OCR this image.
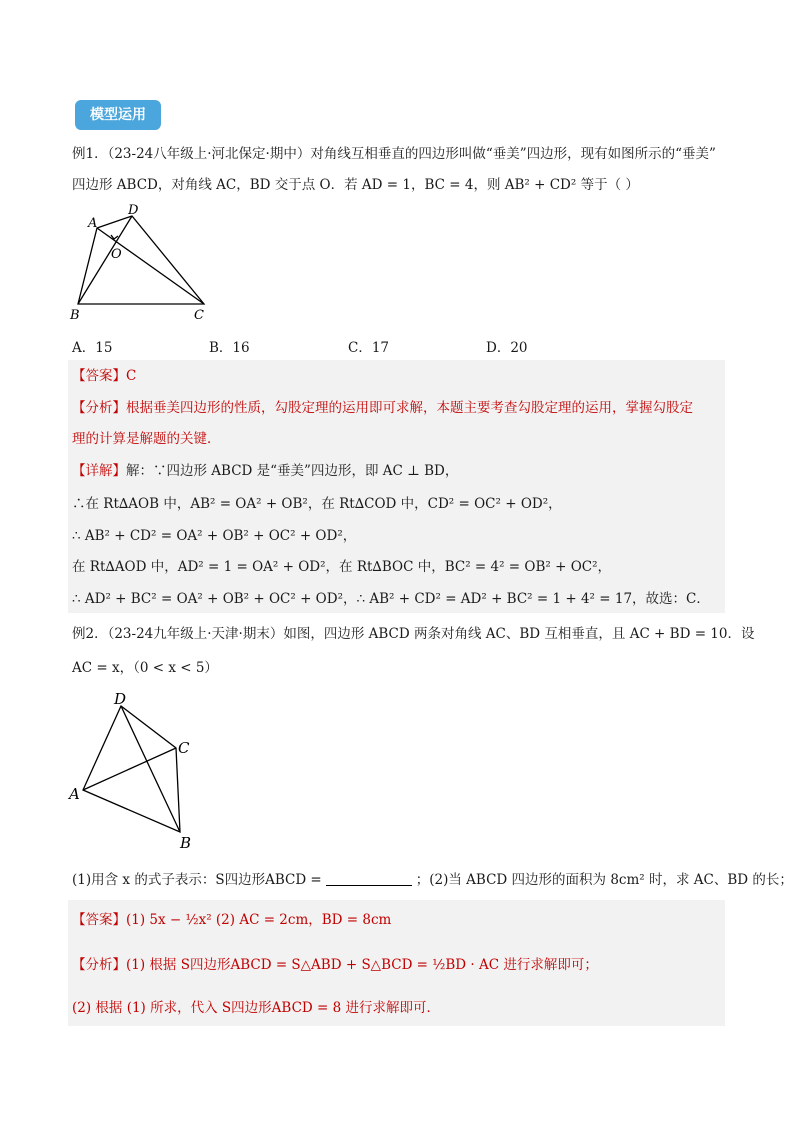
模型运用
例1．（23-24八年级上·河北保定·期中）对角线互相垂直的四边形叫做“垂美”四边形，现有如图所示的“垂美”
四边形 ABCD，对角线 AC，BD 交于点 O．若 AD = 1，BC = 4，则 AB² + CD² 等于（ ）
A
D
O
B	C
A．15	B．16	C．17	D．20
【答案】C
【分析】根据垂美四边形的性质，勾股定理的运用即可求解，本题主要考查勾股定理的运用，掌握勾股定
理的计算是解题的关键．
【详解】解：∵四边形 ABCD 是“垂美”四边形，即 AC ⊥ BD，
∴在 Rt∆AOB 中，AB² = OA² + OB²，在 Rt∆COD 中，CD² = OC² + OD²，
∴ AB² + CD² = OA² + OB² + OC² + OD²，
在 Rt∆AOD 中，AD² = 1 = OA² + OD²，在 Rt∆BOC 中，BC² = 4² = OB² + OC²，
∴ AD² + BC² = OA² + OB² + OC² + OD²，∴ AB² + CD² = AD² + BC² = 1 + 4² = 17，故选：C．
例2．（23-24九年级上·天津·期末）如图，四边形 ABCD 两条对角线 AC、BD 互相垂直，且 AC + BD = 10．设
AC = x，（0 < x < 5）
D
C
A
B
(1)用含 x 的式子表示：S四边形ABCD =	；(2)当 ABCD 四边形的面积为 8cm² 时，求 AC、BD 的长；
【答案】(1) 5x − ½x² (2) AC = 2cm，BD = 8cm
【分析】(1) 根据 S四边形ABCD = S△ABD + S△BCD = ½BD · AC 进行求解即可；
(2) 根据 (1) 所求，代入 S四边形ABCD = 8 进行求解即可．
